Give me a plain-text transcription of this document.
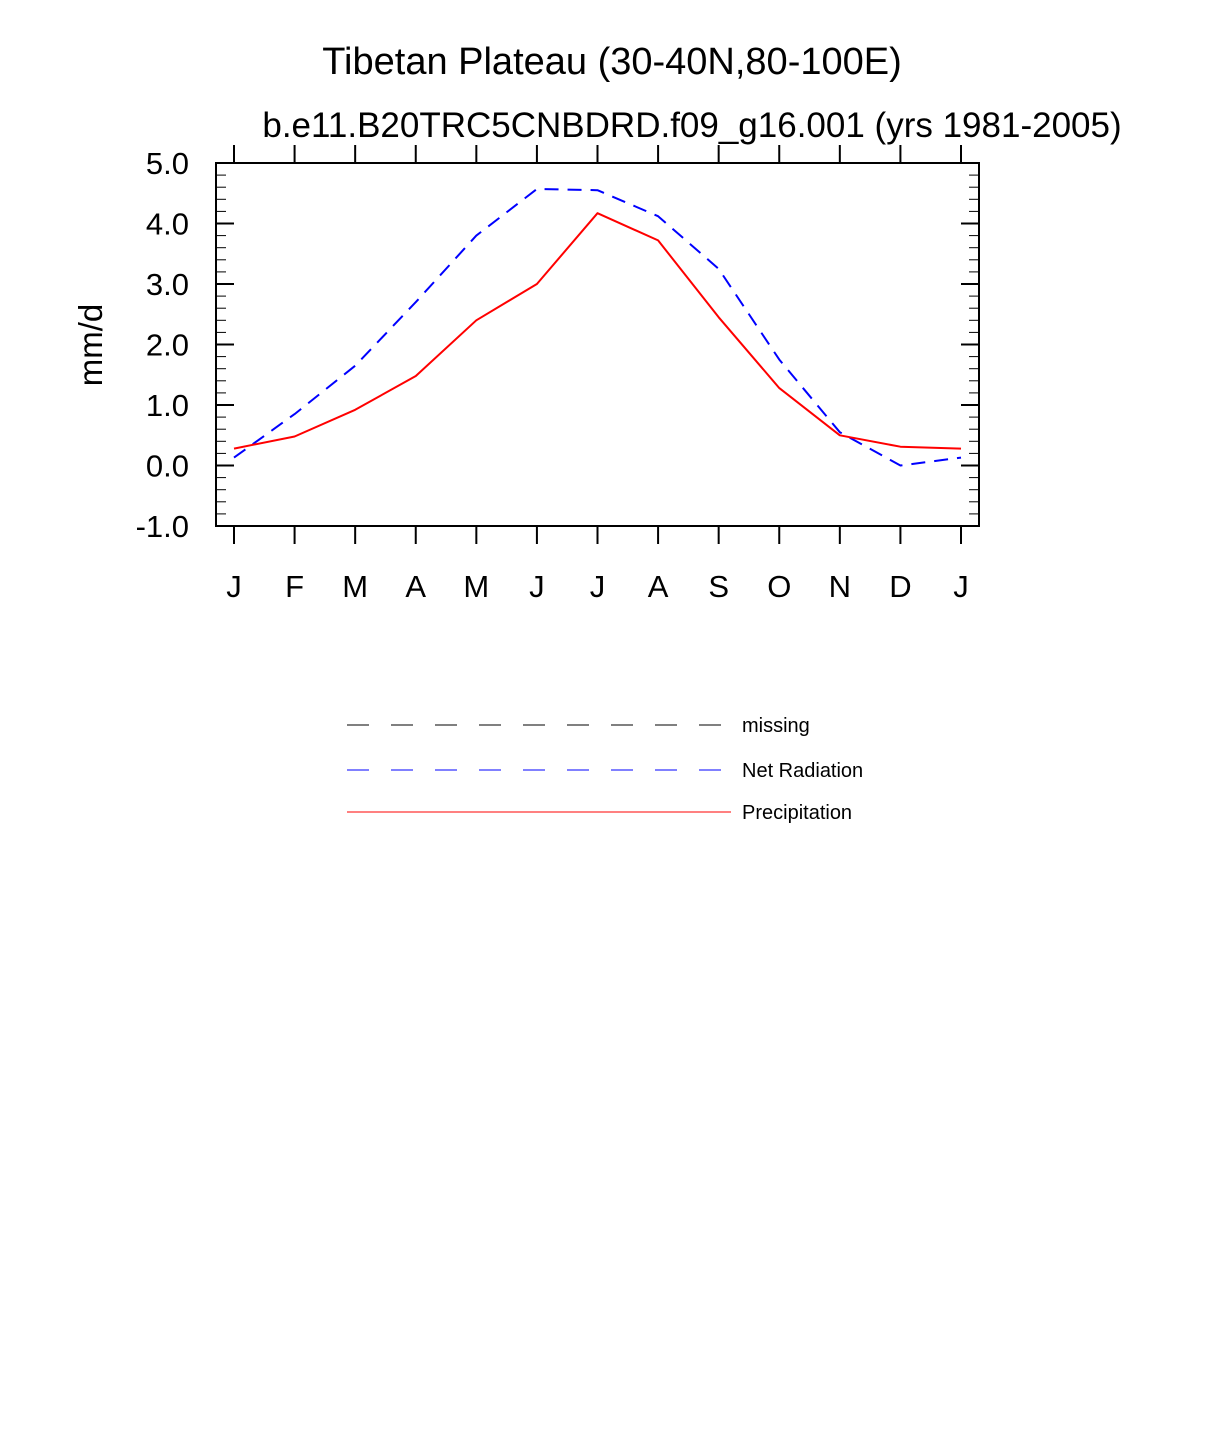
Tibetan Plateau (30-40N,80-100E)
b.e11.B20TRC5CNBDRD.f09_g16.001 (yrs 1981-2005)
mm/d
-1.0
0.0
1.0
2.0
3.0
4.0
5.0
J F M A M J J A S O N D J
missing
Net Radiation
Precipitation
